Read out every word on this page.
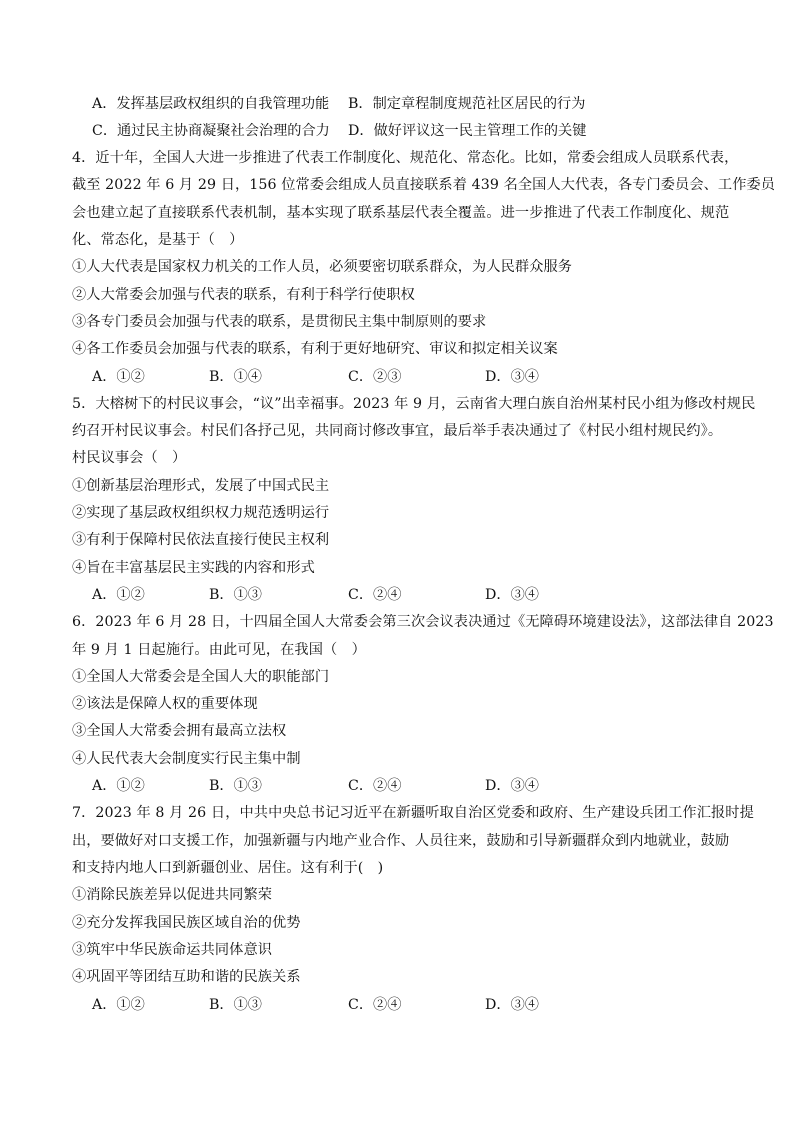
A．发挥基层政权组织的自我管理功能 B．制定章程制度规范社区居民的行为
C．通过民主协商凝聚社会治理的合力 D．做好评议这一民主管理工作的关键
4．近十年，全国人大进一步推进了代表工作制度化、规范化、常态化。比如，常委会组成人员联系代表，
截至 2022 年 6 月 29 日，156 位常委会组成人员直接联系着 439 名全国人大代表，各专门委员会、工作委员
会也建立起了直接联系代表机制，基本实现了联系基层代表全覆盖。进一步推进了代表工作制度化、规范
化、常态化，是基于（　）
①人大代表是国家权力机关的工作人员，必须要密切联系群众，为人民群众服务
②人大常委会加强与代表的联系，有利于科学行使职权
③各专门委员会加强与代表的联系，是贯彻民主集中制原则的要求
④各工作委员会加强与代表的联系，有利于更好地研究、审议和拟定相关议案
A．①②	B．①④	C．②③	D．③④
5．大榕树下的村民议事会，“议”出幸福事。2023 年 9 月，云南省大理白族自治州某村民小组为修改村规民
约召开村民议事会。村民们各抒己见，共同商讨修改事宜，最后举手表决通过了《村民小组村规民约》。
村民议事会（　）
①创新基层治理形式，发展了中国式民主
②实现了基层政权组织权力规范透明运行
③有利于保障村民依法直接行使民主权利
④旨在丰富基层民主实践的内容和形式
A．①②	B．①③	C．②④	D．③④
6．2023 年 6 月 28 日，十四届全国人大常委会第三次会议表决通过《无障碍环境建设法》，这部法律自 2023
年 9 月 1 日起施行。由此可见，在我国（　）
①全国人大常委会是全国人大的职能部门
②该法是保障人权的重要体现
③全国人大常委会拥有最高立法权
④人民代表大会制度实行民主集中制
A．①②	B．①③	C．②④	D．③④
7．2023 年 8 月 26 日，中共中央总书记习近平在新疆听取自治区党委和政府、生产建设兵团工作汇报时提
出，要做好对口支援工作，加强新疆与内地产业合作、人员往来，鼓励和引导新疆群众到内地就业，鼓励
和支持内地人口到新疆创业、居住。这有利于(　)
①消除民族差异以促进共同繁荣
②充分发挥我国民族区域自治的优势
③筑牢中华民族命运共同体意识
④巩固平等团结互助和谐的民族关系
A．①②	B．①③	C．②④	D．③④
